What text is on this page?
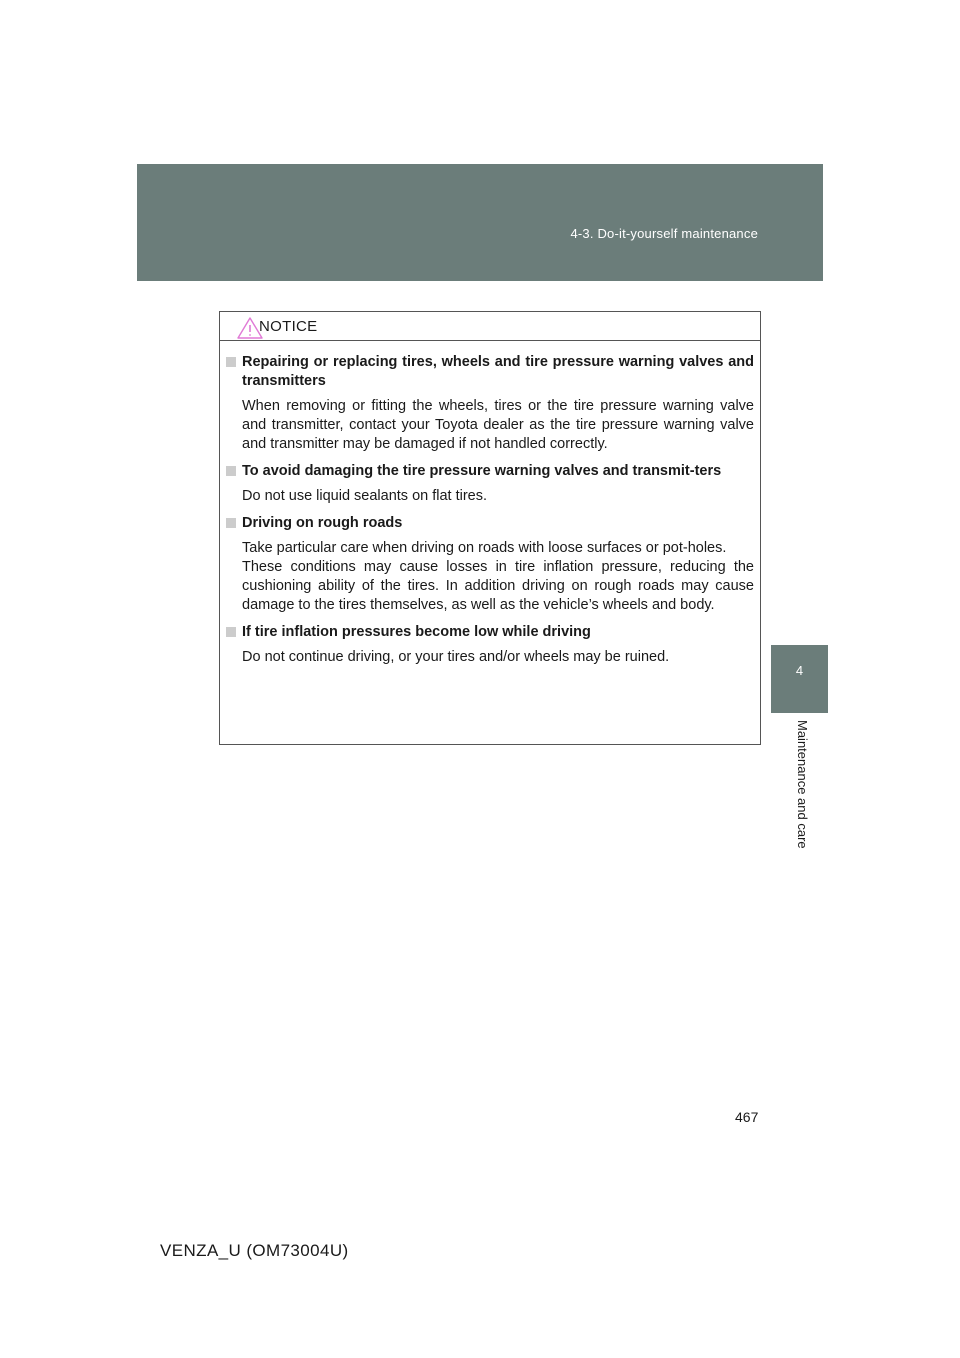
4-3. Do-it-yourself maintenance
4
Maintenance and care
NOTICE
Repairing or replacing tires, wheels and tire pressure warning valves and transmitters
When removing or fitting the wheels, tires or the tire pressure warning valve and transmitter, contact your Toyota dealer as the tire pressure warning valve and transmitter may be damaged if not handled correctly.
To avoid damaging the tire pressure warning valves and transmit-ters
Do not use liquid sealants on flat tires.
Driving on rough roads
Take particular care when driving on roads with loose surfaces or pot-holes.
These conditions may cause losses in tire inflation pressure, reducing the cushioning ability of the tires. In addition driving on rough roads may cause damage to the tires themselves, as well as the vehicle’s wheels and body.
If tire inflation pressures become low while driving
Do not continue driving, or your tires and/or wheels may be ruined.
467
VENZA_U (OM73004U)
